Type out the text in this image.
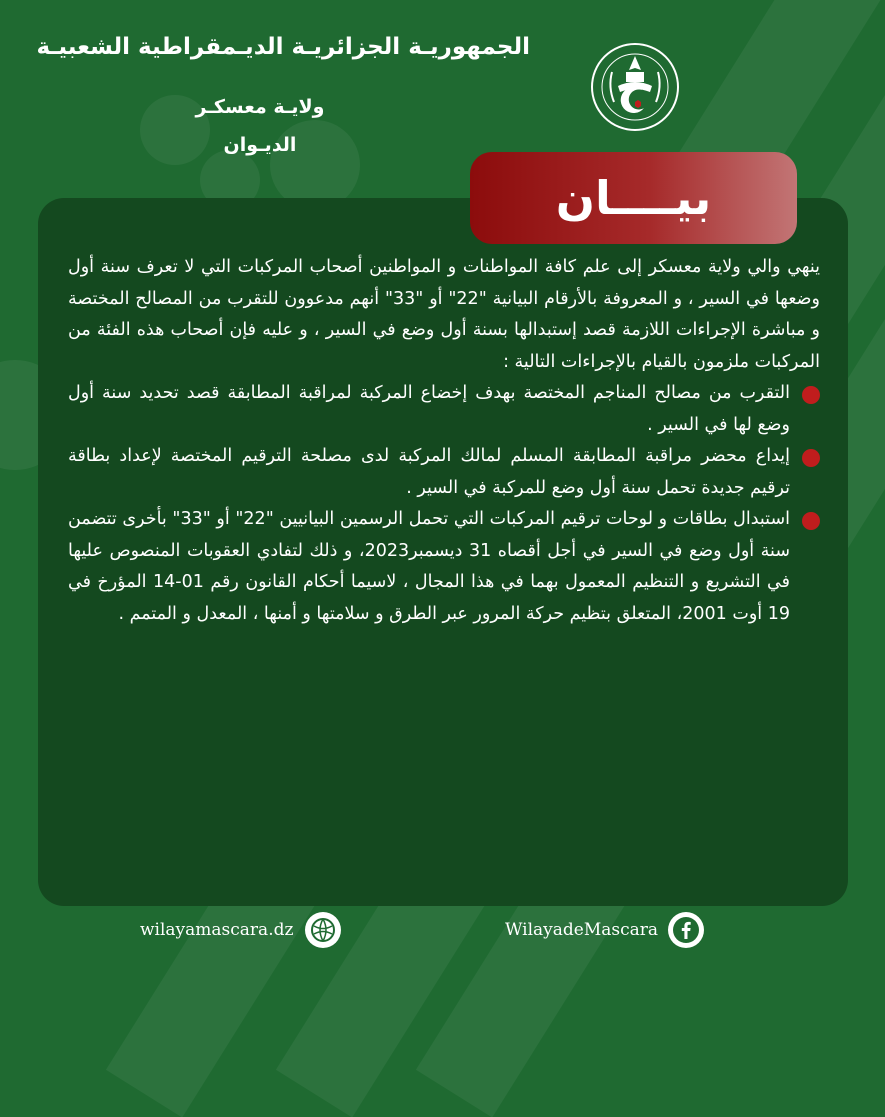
الجمهوريـة الجزائريـة الديـمقراطية الشعبيـة
ولايـة معسكـر
الديـوان
بيــــان

ينهي والي ولاية معسكر إلى علم كافة المواطنات و المواطنين أصحاب المركبات التي لا تعرف سنة أول وضعها في السير ، و المعروفة بالأرقام البيانية "22" أو "33" أنهم مدعوون للتقرب من المصالح المختصة و مباشرة الإجراءات اللازمة قصد إستبدالها بسنة أول وضع في السير ، و عليه فإن أصحاب هذه الفئة من المركبات ملزمون بالقيام بالإجراءات التالية :

التقرب من مصالح المناجم المختصة بهدف إخضاع المركبة لمراقبة المطابقة قصد تحديد سنة أول وضع لها في السير .

إيداع محضر مراقبة المطابقة المسلم لمالك المركبة لدى مصلحة الترقيم المختصة لإعداد بطاقة ترقيم جديدة تحمل سنة أول وضع للمركبة في السير .

استبدال بطاقات و لوحات ترقيم المركبات التي تحمل الرسمين البيانيين "22" أو "33" بأخرى تتضمن سنة أول وضع في السير في أجل أقصاه 31 ديسمبر2023، و ذلك لتفادي العقوبات المنصوص عليها في التشريع و التنظيم المعمول بهما في هذا المجال ، لاسيما أحكام القانون رقم 01-14 المؤرخ في 19 أوت 2001، المتعلق بتظيم حركة المرور عبر الطرق و سلامتها و أمنها ، المعدل و المتمم .

wilayamascara.dz	WilayadeMascara
